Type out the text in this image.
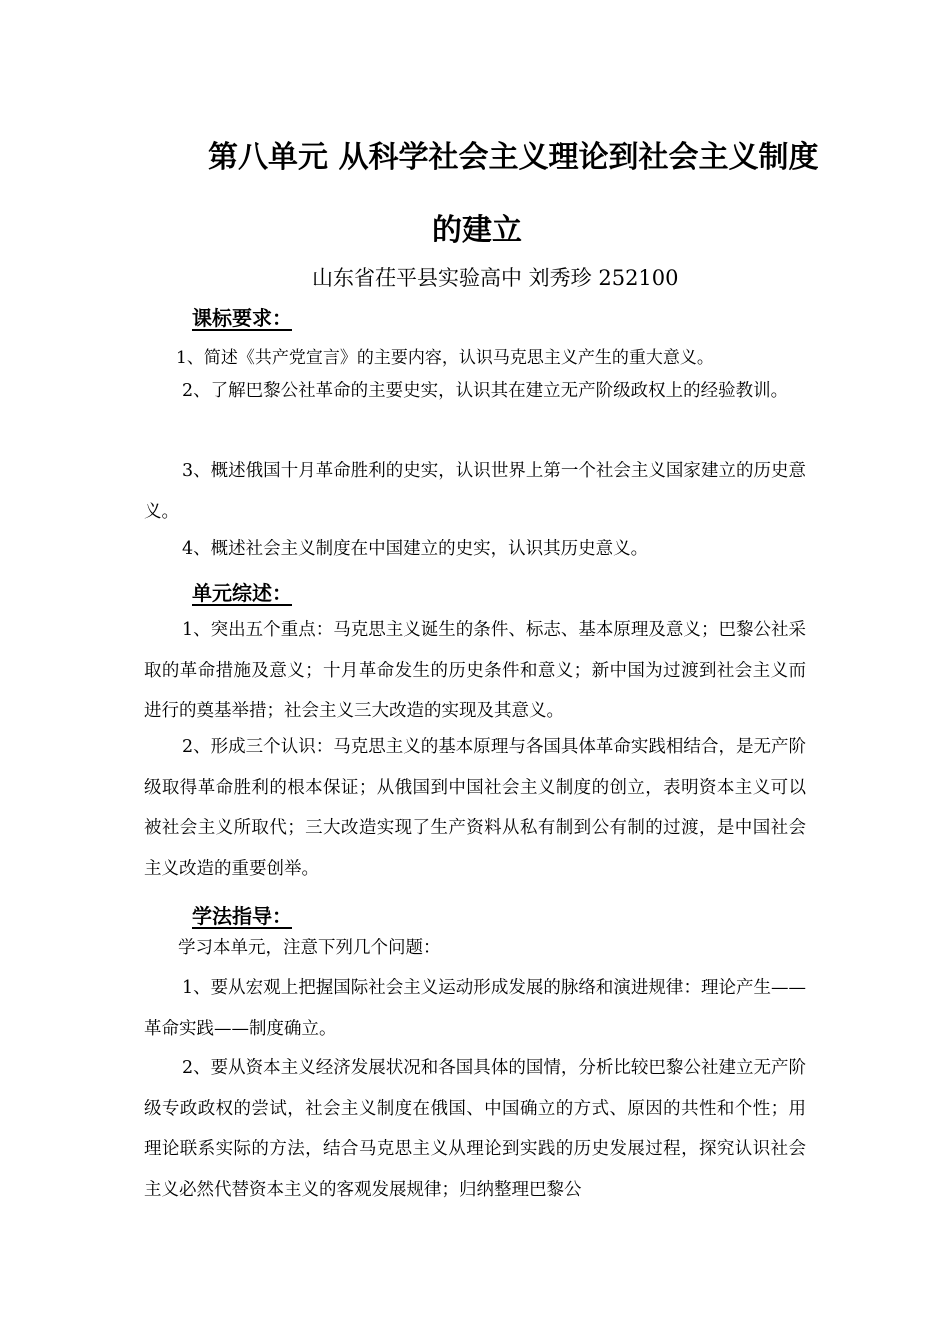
第八单元 从科学社会主义理论到社会主义制度
的建立
山东省茌平县实验高中 刘秀珍 252100
课标要求：
1、简述《共产党宣言》的主要内容，认识马克思主义产生的重大意义。
2、了解巴黎公社革命的主要史实，认识其在建立无产阶级政权上的经验教训。
3、概述俄国十月革命胜利的史实，认识世界上第一个社会主义国家建立的历史意义。
4、概述社会主义制度在中国建立的史实，认识其历史意义。
单元综述：
1、突出五个重点：马克思主义诞生的条件、标志、基本原理及意义；巴黎公社采取的革命措施及意义；十月革命发生的历史条件和意义；新中国为过渡到社会主义而进行的奠基举措；社会主义三大改造的实现及其意义。
2、形成三个认识：马克思主义的基本原理与各国具体革命实践相结合，是无产阶级取得革命胜利的根本保证；从俄国到中国社会主义制度的创立，表明资本主义可以被社会主义所取代；三大改造实现了生产资料从私有制到公有制的过渡，是中国社会主义改造的重要创举。
学法指导：
学习本单元，注意下列几个问题：
1、要从宏观上把握国际社会主义运动形成发展的脉络和演进规律：理论产生——革命实践——制度确立。
2、要从资本主义经济发展状况和各国具体的国情，分析比较巴黎公社建立无产阶级专政政权的尝试，社会主义制度在俄国、中国确立的方式、原因的共性和个性；用理论联系实际的方法，结合马克思主义从理论到实践的历史发展过程，探究认识社会主义必然代替资本主义的客观发展规律；归纳整理巴黎公
